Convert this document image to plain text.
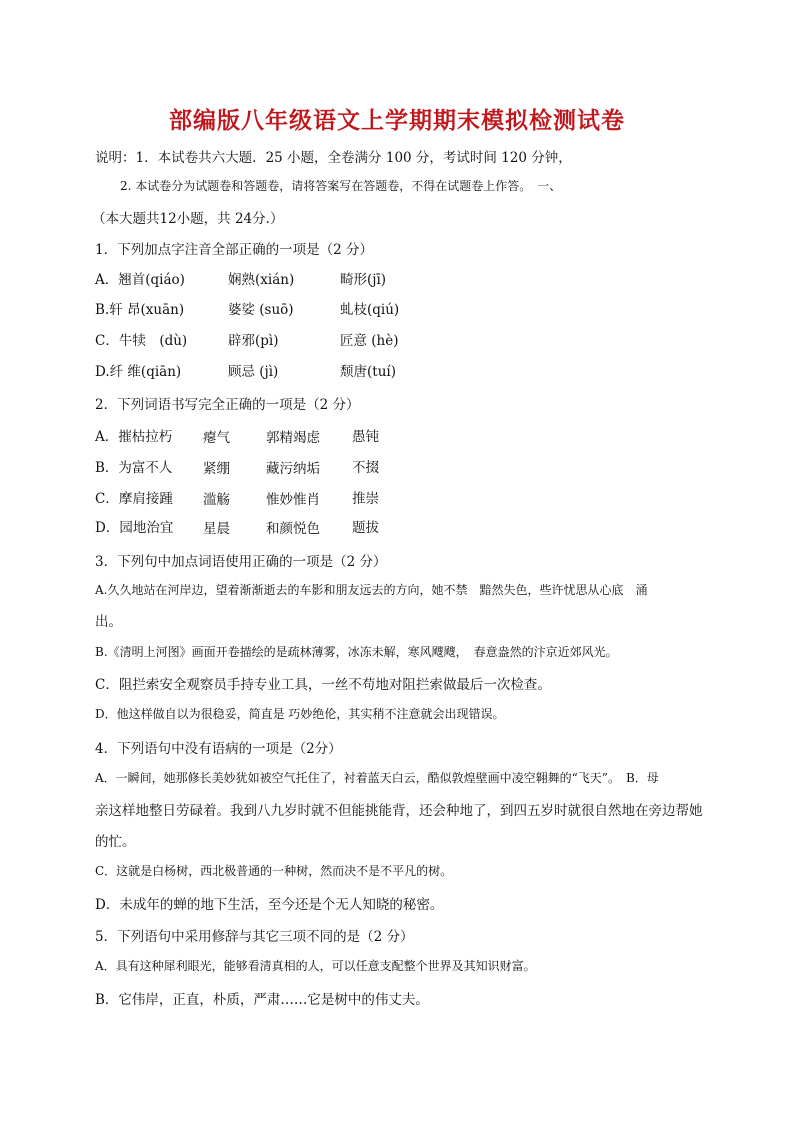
部编版八年级语文上学期期末模拟检测试卷
说明：1．本试卷共六大题．25 小题，全卷满分 100 分，考试时间 120 分钟，
2. 本试卷分为试题卷和答题卷，请将答案写在答题卷，不得在试题卷上作答。　一、
（本大题共12小题，共 24分.）
1．下列加点字注音全部正确的一项是（2 分）
A．翘首(qiáo)	娴熟(xián)	畸形(jī)
B.轩 昂(xuān)	婆娑 (suō)	虬枝(qiú)
C．牛犊　(dù)	辟邪(pì)	匠意 (hè)
D.纤 维(qiān)	顾忌 (jì)	颓唐(tuí)
2．下列词语书写完全正确的一项是（2 分）
A．摧枯拉朽 瘪气	郭精竭虑 愚钝
B．为富不人 紧绷	藏污纳垢 不掇
C．摩肩接踵 滥觞	惟妙惟肖 推崇
D．园地治宜 星晨	和颜悦色 题拔
3．下列句中加点词语使用正确的一项是（2 分）
A.久久地站在河岸边，望着渐渐逝去的车影和朋友远去的方向，她不禁　黯然失色，些许忧思从心底　涌
出。
B.《清明上河图》画面开卷描绘的是疏林薄雾，冰冻未解，寒风飕飕，　春意盎然的汴京近郊风光。
C．阻拦索安全观察员手持专业工具，一丝不苟地对阻拦索做最后一次检查。
D．他这样做自以为很稳妥，简直是 巧妙绝伦，其实稍不注意就会出现错误。
4．下列语句中没有语病的一项是（2分）
A．一瞬间，她那修长美妙犹如被空气托住了，衬着蓝天白云，酷似敦煌壁画中凌空翱舞的“飞天”。　B．母
亲这样地整日劳碌着。我到八九岁时就不但能挑能背，还会种地了，到四五岁时就很自然地在旁边帮她
的忙。
C．这就是白杨树，西北极普通的一种树，然而决不是不平凡的树。
D．未成年的蝉的地下生活，至今还是个无人知晓的秘密。
5．下列语句中采用修辞与其它三项不同的是（2 分）
A．具有这种犀利眼光，能够看清真相的人，可以任意支配整个世界及其知识财富。
B．它伟岸，正直，朴质，严肃……它是树中的伟丈夫。
